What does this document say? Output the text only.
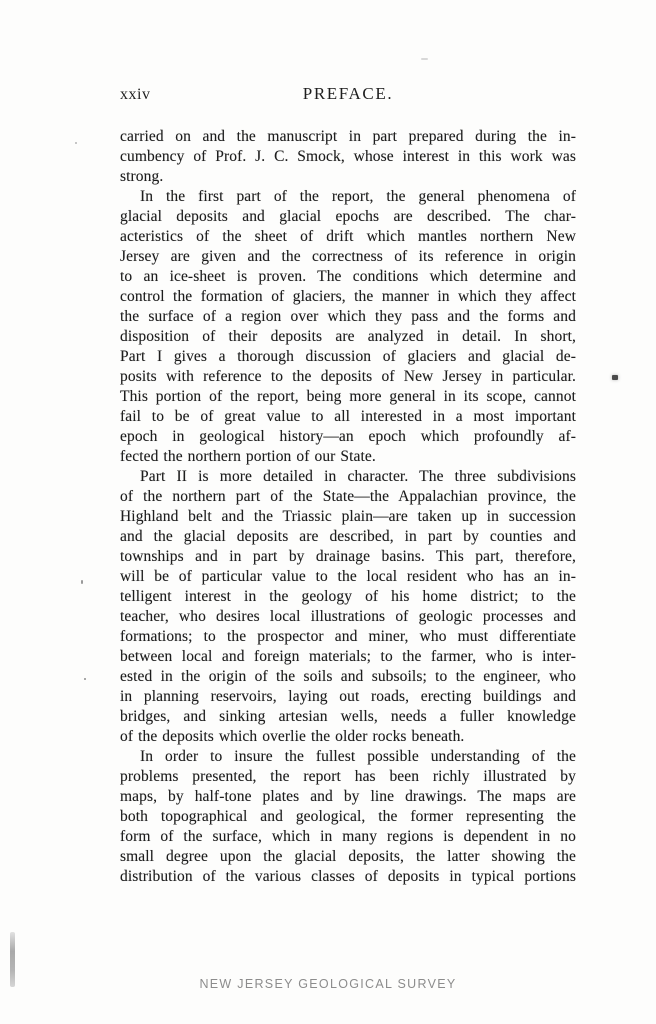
xxiv	PREFACE.
carried on and the manuscript in part prepared during the in-
cumbency of Prof. J. C. Smock, whose interest in this work was
strong.
In the first part of the report, the general phenomena of
glacial deposits and glacial epochs are described. The char-
acteristics of the sheet of drift which mantles northern New
Jersey are given and the correctness of its reference in origin
to an ice-sheet is proven. The conditions which determine and
control the formation of glaciers, the manner in which they affect
the surface of a region over which they pass and the forms and
disposition of their deposits are analyzed in detail. In short,
Part I gives a thorough discussion of glaciers and glacial de-
posits with reference to the deposits of New Jersey in particular.
This portion of the report, being more general in its scope, cannot
fail to be of great value to all interested in a most important
epoch in geological history—an epoch which profoundly af-
fected the northern portion of our State.
Part II is more detailed in character. The three subdivisions
of the northern part of the State—the Appalachian province, the
Highland belt and the Triassic plain—are taken up in succession
and the glacial deposits are described, in part by counties and
townships and in part by drainage basins. This part, therefore,
will be of particular value to the local resident who has an in-
telligent interest in the geology of his home district; to the
teacher, who desires local illustrations of geologic processes and
formations; to the prospector and miner, who must differentiate
between local and foreign materials; to the farmer, who is inter-
ested in the origin of the soils and subsoils; to the engineer, who
in planning reservoirs, laying out roads, erecting buildings and
bridges, and sinking artesian wells, needs a fuller knowledge
of the deposits which overlie the older rocks beneath.
In order to insure the fullest possible understanding of the
problems presented, the report has been richly illustrated by
maps, by half-tone plates and by line drawings. The maps are
both topographical and geological, the former representing the
form of the surface, which in many regions is dependent in no
small degree upon the glacial deposits, the latter showing the
distribution of the various classes of deposits in typical portions
NEW JERSEY GEOLOGICAL SURVEY
